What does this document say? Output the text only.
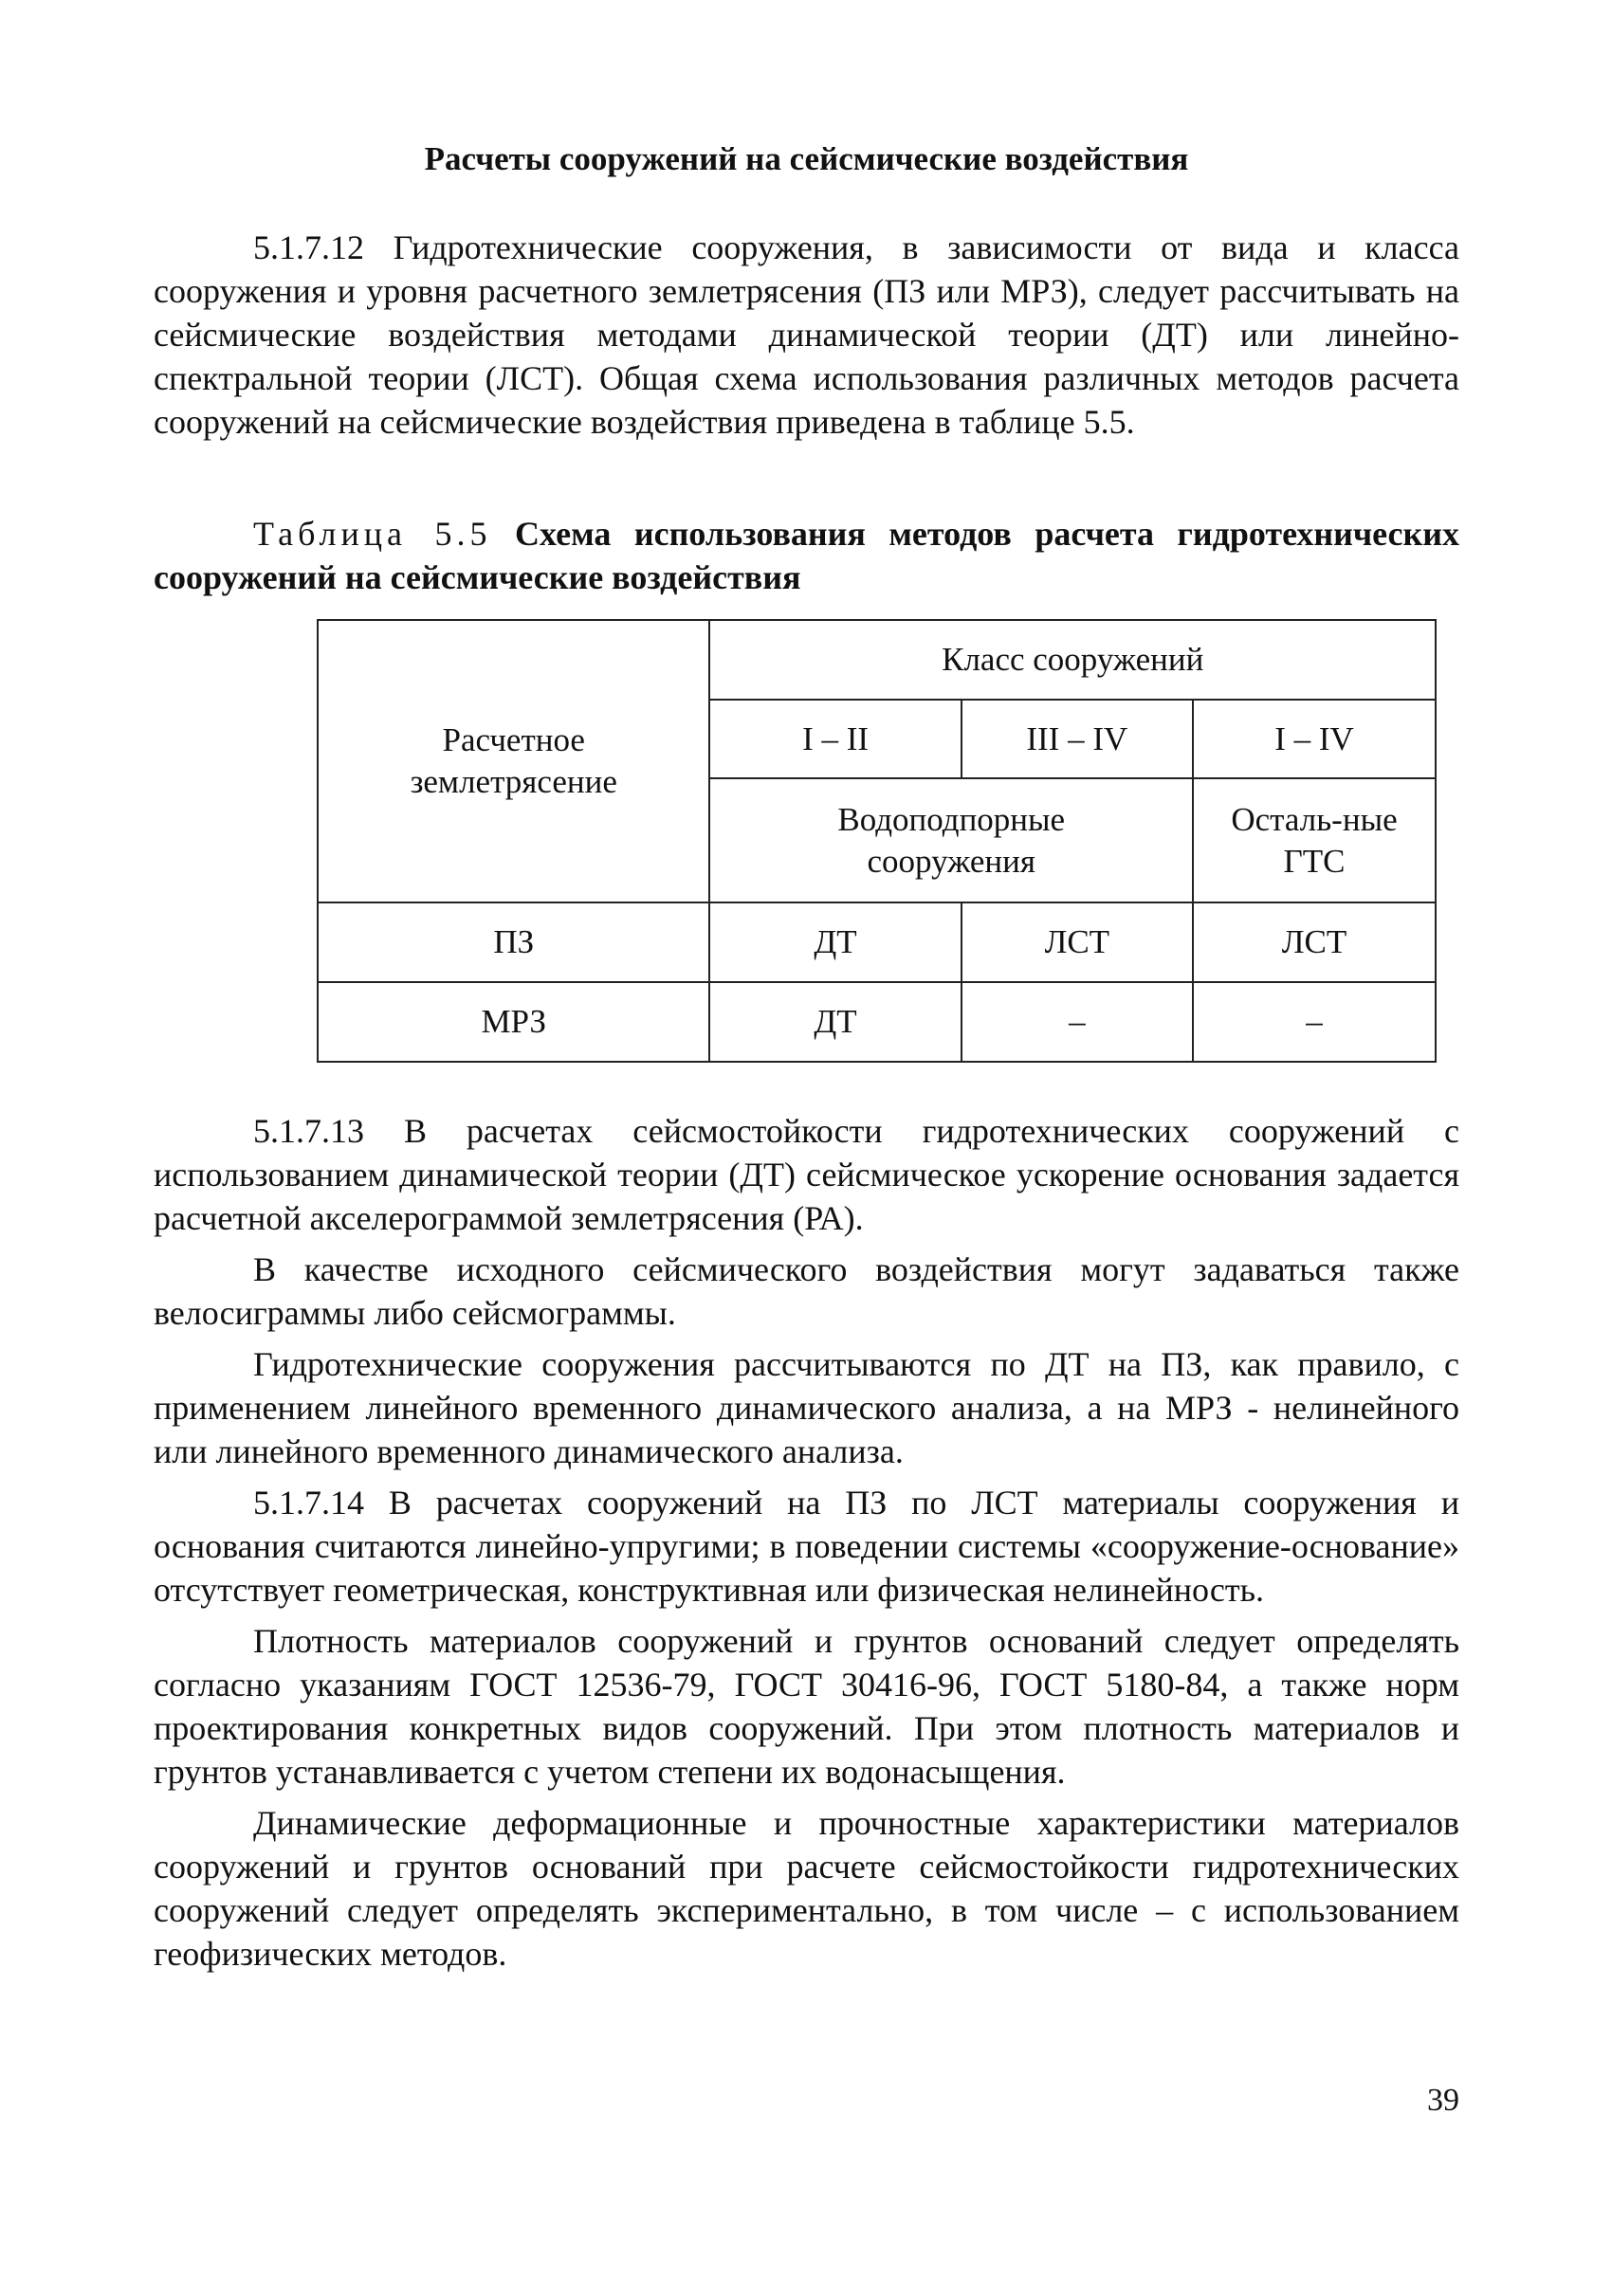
Расчеты сооружений на сейсмические воздействия

5.1.7.12 Гидротехнические сооружения, в зависимости от вида и класса сооружения и уровня расчетного землетрясения (ПЗ или МРЗ), следует рассчитывать на сейсмические воздействия методами динамической теории (ДТ) или линейно-спектральной теории (ЛСТ). Общая схема использования различных методов расчета сооружений на сейсмические воздействия приведена в таблице 5.5.

Таблица 5.5 Схема использования методов расчета гидротехнических сооружений на сейсмические воздействия

Расчетное землетрясение	Класс сооружений		
	I – II	III – IV	I – IV
	Водоподпорные сооружения		Осталь-ные ГТС
ПЗ	ДТ	ЛСТ	ЛСТ
МРЗ	ДТ	–	–

5.1.7.13 В расчетах сейсмостойкости гидротехнических сооружений с использованием динамической теории (ДТ) сейсмическое ускорение основания задается расчетной акселерограммой землетрясения (РА).

В качестве исходного сейсмического воздействия могут задаваться также велосиграммы либо сейсмограммы.

Гидротехнические сооружения рассчитываются по ДТ на ПЗ, как правило, с применением линейного временного динамического анализа, а на МРЗ - нелинейного или линейного временного динамического анализа.

5.1.7.14 В расчетах сооружений на ПЗ по ЛСТ материалы сооружения и основания считаются линейно-упругими; в поведении системы «сооружение-основание» отсутствует геометрическая, конструктивная или физическая нелинейность.

Плотность материалов сооружений и грунтов оснований следует определять согласно указаниям ГОСТ 12536-79, ГОСТ 30416-96, ГОСТ 5180-84, а также норм проектирования конкретных видов сооружений. При этом плотность материалов и грунтов устанавливается с учетом степени их водонасыщения.

Динамические деформационные и прочностные характеристики материалов сооружений и грунтов оснований при расчете сейсмостойкости гидротехнических сооружений следует определять экспериментально, в том числе – с использованием геофизических методов.

39
